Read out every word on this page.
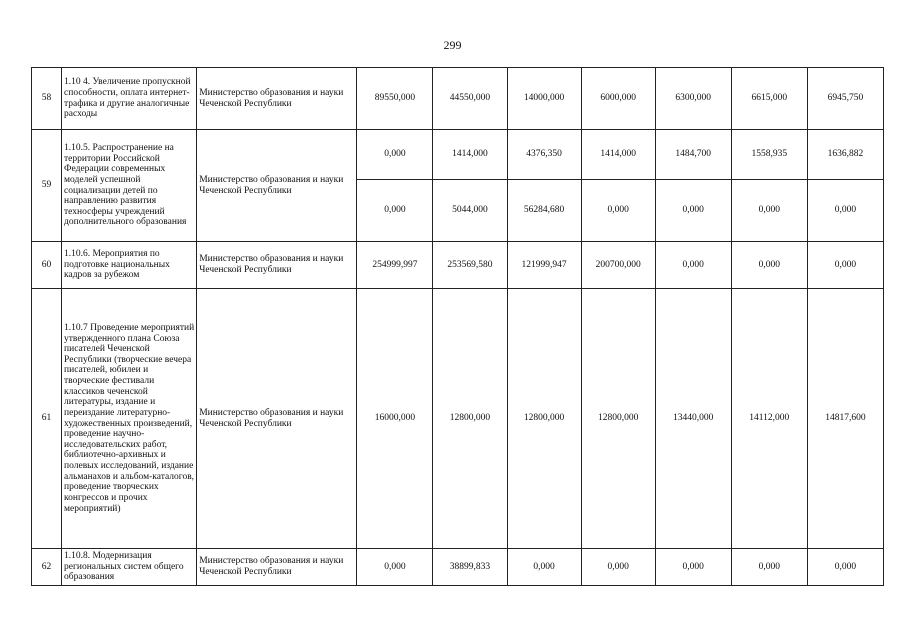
299
58	1.10 4. Увеличение пропускной способности, оплата интернет-трафика и другие аналогичные расходы	Министерство образования и науки Чеченской Республики	89550,000	44550,000	14000,000	6000,000	6300,000	6615,000	6945,750
59	1.10.5. Распространение на территории Российской Федерации современных моделей успешной социализации детей по направлению развития техносферы учреждений дополнительного образования	Министерство образования и науки Чеченской Республики	0,000	1414,000	4376,350	1414,000	1484,700	1558,935	1636,882
			0,000	5044,000	56284,680	0,000	0,000	0,000	0,000
60	1.10.6. Мероприятия по подготовке национальных кадров за рубежом	Министерство образования и науки Чеченской Республики	254999,997	253569,580	121999,947	200700,000	0,000	0,000	0,000
61	1.10.7 Проведение мероприятий утвержденного плана Союза писателей Чеченской Республики (творческие вечера писателей, юбилеи и творческие фестивали классиков чеченской литературы, издание и переиздание литературно-художественных произведений, проведение научно-исследовательских работ, библиотечно-архивных и полевых исследований, издание альманахов и альбом-каталогов, проведение творческих конгрессов и прочих мероприятий)	Министерство образования и науки Чеченской Республики	16000,000	12800,000	12800,000	12800,000	13440,000	14112,000	14817,600
62	1.10.8. Модернизация региональных систем общего образования	Министерство образования и науки Чеченской Республики	0,000	38899,833	0,000	0,000	0,000	0,000	0,000
